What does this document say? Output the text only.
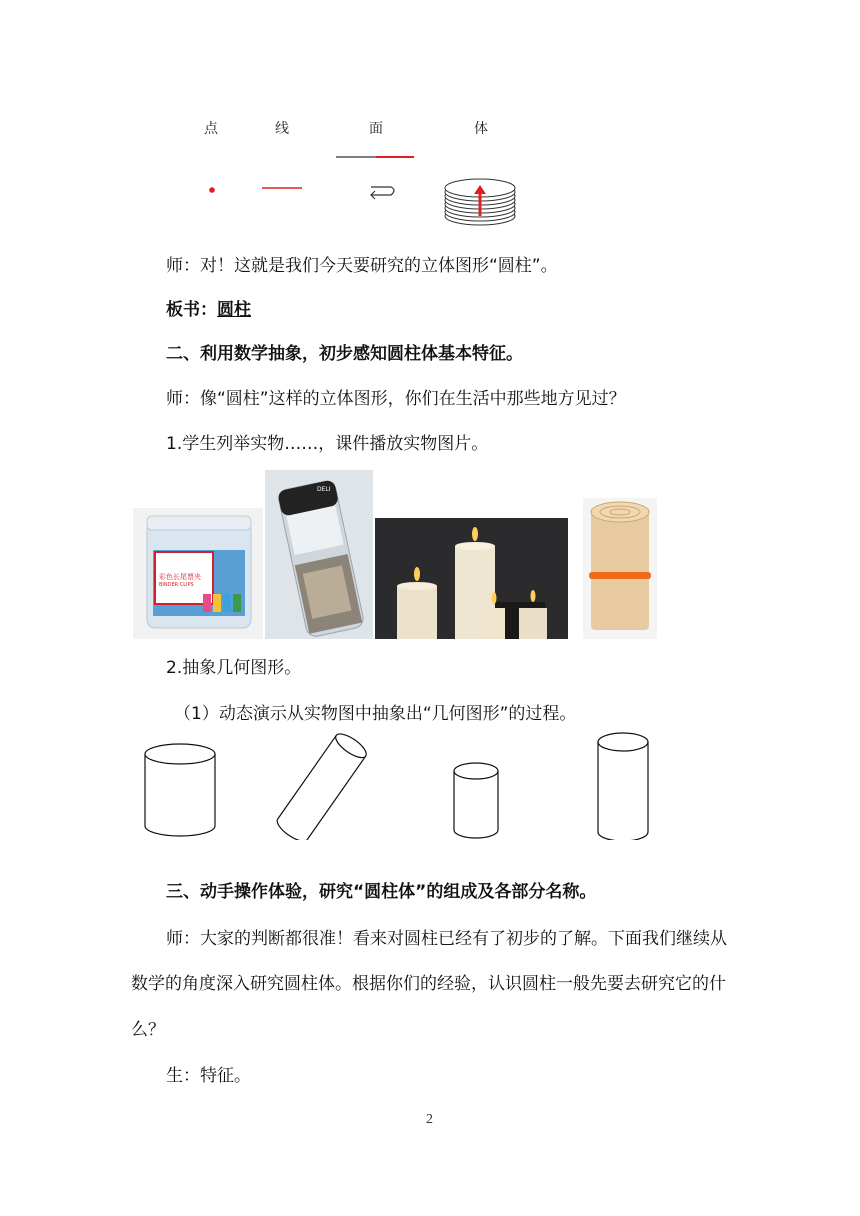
点	线	面	体
师：对！这就是我们今天要研究的立体图形“圆柱”。
板书：圆柱
二、利用数学抽象，初步感知圆柱体基本特征。
师：像“圆柱”这样的立体图形，你们在生活中那些地方见过？
1.学生列举实物……，课件播放实物图片。
彩色长尾票夹
BINDER CLIPS
DELI
2.抽象几何图形。
（1）动态演示从实物图中抽象出“几何图形”的过程。
三、动手操作体验，研究“圆柱体”的组成及各部分名称。
师：大家的判断都很准！看来对圆柱已经有了初步的了解。下面我们继续从
数学的角度深入研究圆柱体。根据你们的经验，认识圆柱一般先要去研究它的什
么？
生：特征。
2
